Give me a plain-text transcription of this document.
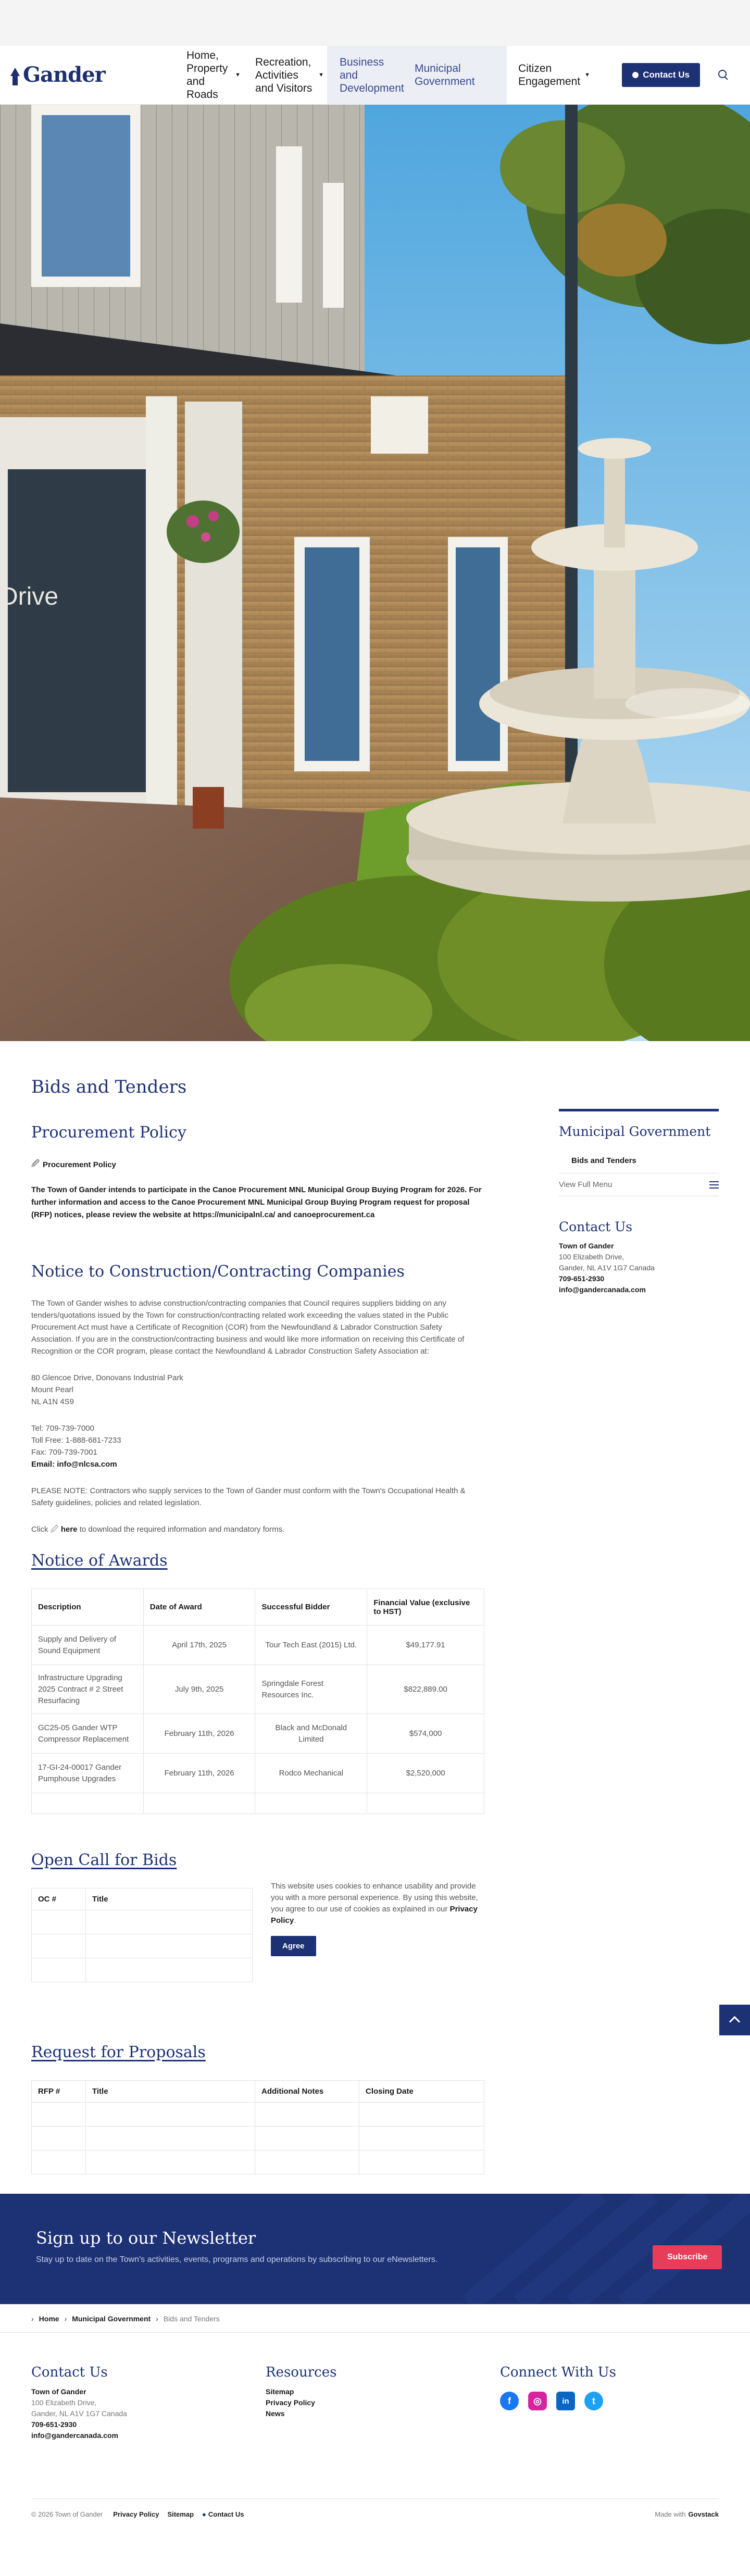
Gander
Home, Property and Roads
▼
Recreation, Activities and Visitors
▼
Business and Development
Municipal Government
Citizen Engagement
▼	Contact Us
Drive
Bids and Tenders
Procurement Policy
🖉 Procurement Policy

The Town of Gander intends to participate in the Canoe Procurement MNL Municipal Group Buying Program for 2026. For further information and access to the Canoe Procurement MNL Municipal Group Buying Program request for proposal (RFP) notices, please review the website at https://municipalnl.ca/ and canoeprocurement.ca

Notice to Construction/Contracting Companies

The Town of Gander wishes to advise construction/contracting companies that Council requires suppliers bidding on any tenders/quotations issued by the Town for construction/contracting related work exceeding the values stated in the Public Procurement Act must have a Certificate of Recognition (COR) from the Newfoundland & Labrador Construction Safety Association. If you are in the construction/contracting business and would like more information on receiving this Certificate of Recognition or the COR program, please contact the Newfoundland & Labrador Construction Safety Association at:

80 Glencoe Drive, Donovans Industrial Park
Mount Pearl
NL A1N 4S9

Tel: 709-739-7000
Toll Free: 1-888-681-7233
Fax: 709-739-7001
Email: info@nlcsa.com

PLEASE NOTE: Contractors who supply services to the Town of Gander must conform with the Town's Occupational Health & Safety guidelines, policies and related legislation.

Click 🖉 here to download the required information and mandatory forms.

Notice of Awards
Description	Date of Award	Successful Bidder	Financial Value (exclusive to HST)
Supply and Delivery of Sound Equipment	April 17th, 2025	Tour Tech East (2015) Ltd.	$49,177.91
Infrastructure Upgrading 2025 Contract # 2 Street Resurfacing	July 9th, 2025	Springdale Forest Resources Inc.	$822,889.00
GC25-05 Gander WTP Compressor Replacement	February 11th, 2026	Black and McDonald Limited	$574,000
17-GI-24-00017 Gander Pumphouse Upgrades	February 11th, 2026	Rodco Mechanical	$2,520,000

Open Call for Bids
OC #	Title

Request for Proposals
RFP #	Title	Additional Notes	Closing Date

Municipal Government
Bids and Tenders
View Full Menu
Contact Us
Town of Gander
100 Elizabeth Drive,
Gander, NL A1V 1G7 Canada
709-651-2930
info@gandercanada.com

This website uses cookies to enhance usability and provide you with a more personal experience. By using this website, you agree to our use of cookies as explained in our Privacy Policy.

Agree
Sign up to our Newsletter

Stay up to date on the Town's activities, events, programs and operations by subscribing to our eNewsletters.	Subscribe
› Home › Municipal Government › Bids and Tenders
Contact Us
Town of Gander
100 Elizabeth Drive,
Gander, NL A1V 1G7 Canada
709-651-2930
info@gandercanada.com
Resources
Sitemap
Privacy Policy
News
Connect With Us
f	◎	in	t
© 2026 Town of Gander Privacy Policy Sitemap ● Contact Us	Made with Govstack
